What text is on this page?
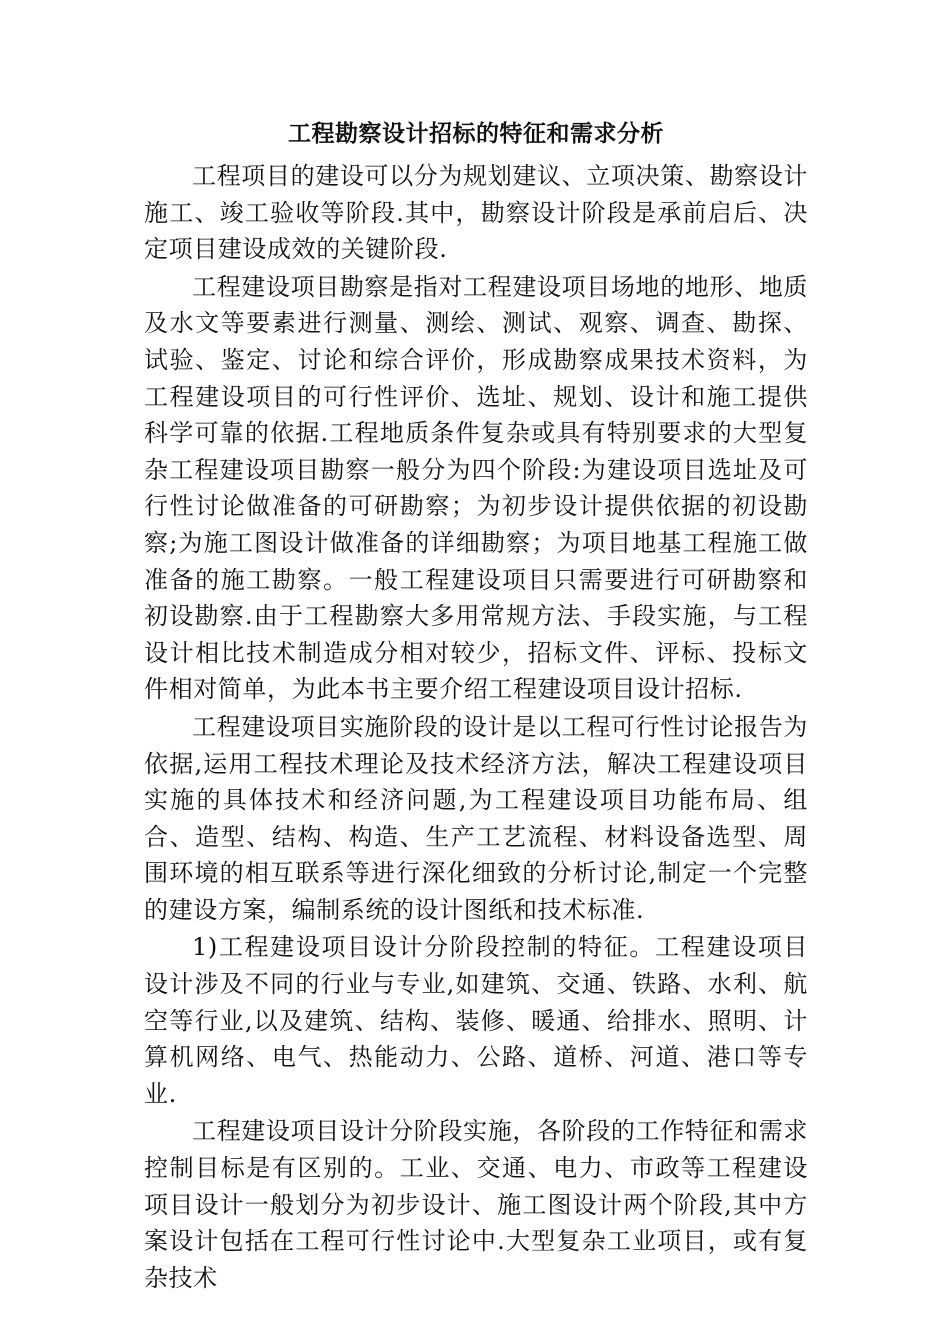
工程勘察设计招标的特征和需求分析

工程项目的建设可以分为规划建议、立项决策、勘察设计施工、竣工验收等阶段.其中，勘察设计阶段是承前启后、决定项目建设成效的关键阶段.

工程建设项目勘察是指对工程建设项目场地的地形、地质及水文等要素进行测量、测绘、测试、观察、调查、勘探、试验、鉴定、讨论和综合评价，形成勘察成果技术资料，为工程建设项目的可行性评价、选址、规划、设计和施工提供科学可靠的依据.工程地质条件复杂或具有特别要求的大型复杂工程建设项目勘察一般分为四个阶段:为建设项目选址及可行性讨论做准备的可研勘察；为初步设计提供依据的初设勘察;为施工图设计做准备的详细勘察；为项目地基工程施工做准备的施工勘察。一般工程建设项目只需要进行可研勘察和初设勘察.由于工程勘察大多用常规方法、手段实施，与工程设计相比技术制造成分相对较少，招标文件、评标、投标文件相对简单，为此本书主要介绍工程建设项目设计招标.

工程建设项目实施阶段的设计是以工程可行性讨论报告为依据,运用工程技术理论及技术经济方法，解决工程建设项目实施的具体技术和经济问题,为工程建设项目功能布局、组合、造型、结构、构造、生产工艺流程、材料设备选型、周围环境的相互联系等进行深化细致的分析讨论,制定一个完整的建设方案，编制系统的设计图纸和技术标准.

1)工程建设项目设计分阶段控制的特征。工程建设项目设计涉及不同的行业与专业,如建筑、交通、铁路、水利、航空等行业,以及建筑、结构、装修、暖通、给排水、照明、计算机网络、电气、热能动力、公路、道桥、河道、港口等专业.

工程建设项目设计分阶段实施，各阶段的工作特征和需求控制目标是有区别的。工业、交通、电力、市政等工程建设项目设计一般划分为初步设计、施工图设计两个阶段,其中方案设计包括在工程可行性讨论中.大型复杂工业项目，或有复杂技术
